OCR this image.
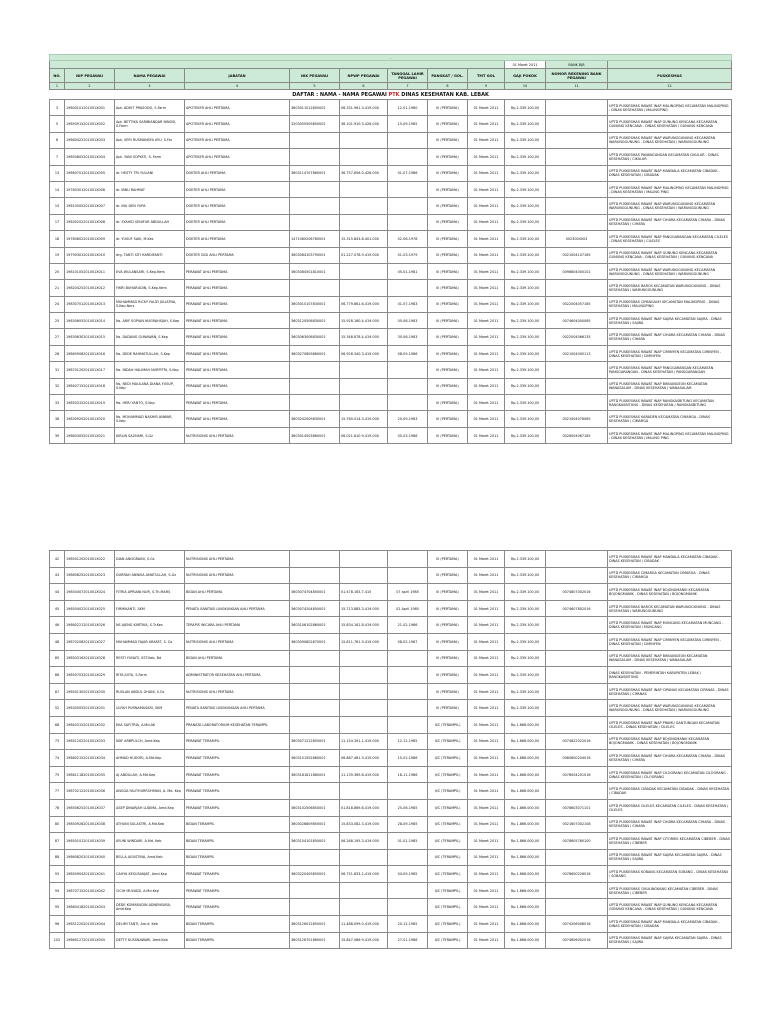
-											
									01 Maret 2011	BANK BJB	
NO.	NIP PEGAWAI	NAMA PEGAWAI	JABATAN	NIK PEGAWAI	NPWP PEGAWAI	TANGGAL LAHIR PEGAWAI	PANGKAT / GOL.	TMT GOL	GAJI POKOK	NOMOR REKENING BANK PEGAWAI	PUSKESMAS
1	2	3	4	5	6	7	8	9	10	11	12
DAFTAR : NAMA - NAMA PEGAWAI PTK DINAS KESEHATAN KAB. LEBAK											
3	19800101201001X001	Apt. ADHIT PRASODO, S.Farm	APOTEKER AHLI PERTAMA	3603011012800002	06.331.961.3-419.000	12-01-1980	III (PERTAMA)	01 Maret 2011	Rp.2.339.100,00		UPTD PUSKESMAS RAWAT INAP MALINGPING KECAMATAN MALINGPING - DINAS KESEHATAN / MALINGPING
5	19850915201001X002	Apt. BETTIKA SARIBIANDAR NINGSI, S.Farm	APOTEKER AHLI PERTAMA	3203055509850002	36.101.910.3-426.000	15-09-1985	III (PERTAMA)	01 Maret 2011	Rp.2.339.100,00		UPTD PUSKESMAS RAWAT INAP GUNUNG KENCANA KECAMATAN GUNUNG KENCANA - DINAS KESEHATAN / GUNUNG KENCANA
6	19860422201001X003	Apt. VERI RUSMANSYA AYU, S.Far	APOTEKER AHLI PERTAMA				III (PERTAMA)	01 Maret 2011	Rp.2.339.100,00		UPTD PUSKESMAS RAWAT INAP WARUNGGUNUNG KECAMATAN WARUNGGUNUNG - DINAS KESEHATAN / WARUNGGUNUNG
7	19850805201001X004	Apt. YANI SOPYATI, S. Farm	APOTEKER AHLI PERTAMA				III (PERTAMA)	01 Maret 2011	Rp.2.339.100,00		UPTD PUSKESMAS PANANCANGAN KECAMATAN CIKULUR - DINAS KESEHATAN / CIKULUR
13	19860701201001X005	dr. HESTY TRI YULIANI	DOKTER AHLI PERTAMA	3603114707860001	36.757.656.0-426.000	01-07-1986	III (PERTAMA)	01 Maret 2011	Rp.2.339.100,00		UPTD PUSKESMAS RAWAT INAP MANDALA KECAMATAN CIBADAK - DINAS KESEHATAN / CIBADAK
14	19780301201001X006	dr. IBNU RAHMAT	DOKTER AHLI PERTAMA				III (PERTAMA)	01 Maret 2011	Rp.2.339.100,00		UPTD PUSKESMAS RAWAT INAP MALINGPING KECAMATAN MALINGPING - DINAS KESEHATAN / MALING PING
15	19810505201001X007	dr. INU DEN YUPA	DOKTER AHLI PERTAMA				III (PERTAMA)	01 Maret 2011	Rp.2.339.100,00		UPTD PUSKESMAS RAWAT INAP WARUNGGUNUNG KECAMATAN WARUNGGUNUNG - DINAS KESEHATAN / WARUNGGUNUNG
17	19830202201001X008	dr. SYAHID SENIFUR ABDULLAH	DOKTER AHLI PERTAMA				III (PERTAMA)	01 Maret 2011	Rp.2.339.100,00		UPTD PUSKESMAS RAWAT INAP CIHARA KECAMATAN CIHARA - DINAS KESEHATAN / CIHARA
18	19780602201001X009	dr. YUSUF SAKI, M.Kes	DOKTER AHLI PERTAMA	1471060206780001	15.315.843.8-401.000	02-06-1978	III (PERTAMA)	01 Maret 2011	Rp.2.339.100,00	0023004003	UPTD PUSKESMAS RAWAT INAP PANGGARANGAN KECAMATAN CILELES - DINAS KESEHATAN / CILELES
19	19790301201001X010	drg. TANTI SITI HARDIYANTI	DOKTER GIGI AHLI PERTAMA	3603084103790001	01.227.078.9-419.000	01-03-1979	III (PERTAMA)	01 Maret 2011	Rp.2.339.100,00	0021004107185	UPTD PUSKESMAS RAWAT INAP GUNUNG KENCANA KECAMATAN GUNUNG KENCANA - DINAS KESEHATAN / GUNUNG KENCANA
20	19810105201001X011	EVA WULANSARI, S.Kep.Ners	PERAWAT AHLI PERTAMA	3603084501810001		05-01-1981	III (PERTAMA)	01 Maret 2011	Rp.2.339.100,00	0098804000101	UPTD PUSKESMAS RAWAT INAP WARUNGGUNUNG KECAMATAN WARUNGGUNUNG - DINAS KESEHATAN / WARUNGGUNUNG
21	19820425201001X012	FIKRI BUHARUDIN, S.Kep.Ners	PERAWAT AHLI PERTAMA				III (PERTAMA)	01 Maret 2011	Rp.2.339.100,00		UPTD PUSKESMAS BAROS KECAMATAN WARUNGGUNUNG - DINAS KESEHATAN / WARUNGGUNUNG
24	19830701201001X013	MUHAMMAD RICKY FAUZI JULIATNA, S.Kep.Ners	PERAWAT AHLI PERTAMA	3603010107830001	06.779.861.6-419.000	01-07-1983	III (PERTAMA)	01 Maret 2011	Rp.2.339.100,00	0022004057185	UPTD PUSKESMAS CIPANGAUH KECAMATAN MALINGPING - DINAS KESEHATAN / MALINGPING
25	19830605201001X014	Ns. ARIF SOPIAN NUGRAHSJAH, S.Kep	PERAWAT AHLI PERTAMA	3603120506830001	15.928.180.4-419.000	05-06-1983	III (PERTAMA)	01 Maret 2011	Rp.2.339.100,00	0074604000085	UPTD PUSKESMAS RAWAT INAP SAJIRA KECAMATAN SAJIRA - DINAS KESEHATAN / SAJIRA
27	19830630201001X015	Ns. DADANG GUNAWAN, S.Kep	PERAWAT AHLI PERTAMA	3603063006830001	15.348.878.4-419.000	30-06-1983	III (PERTAMA)	01 Maret 2011	Rp.2.339.100,00	0022004066135	UPTD PUSKESMAS RAWAT INAP CIHARA KECAMATAN CIHARA - DINAS KESEHATAN / CIHARA
28	19860908201001X016	Ns. DEDE RAHMATULLAH, S.Kep	PERAWAT AHLI PERTAMA	3603270809860001	06.928.340.3-419.000	08-09-1986	III (PERTAMA)	01 Maret 2011	Rp.2.339.100,00	0021004000113	UPTD PUSKESMAS RAWAT INAP CIMINYEN KECAMATAN CIMINYEN - DINAS KESEHATAN / CIMINYEN
31	19870120201001X017	Ns. INDAH HALIMAH NURPITRI, S.Kep	PERAWAT AHLI PERTAMA				III (PERTAMA)	01 Maret 2011	Rp.2.339.100,00		UPTD PUSKESMAS RAWAT INAP PANGGARANGAN KECAMATAN PANGGARANGAN - DINAS KESEHATAN / PANGGARANGAN
32	19840715201001X018	Ns. NEDI MAULANA DIANA YUSUP, S.Kep	PERAWAT AHLI PERTAMA				III (PERTAMA)	01 Maret 2011	Rp.2.339.100,00		UPTD PUSKESMAS RAWAT INAP BINUANGEUN KECAMATAN WANASALAM - DINAS KESEHATAN / WANASALAM
33	19850315201001X019	Ns. HERI YANTO, S.Kep	PERAWAT AHLI PERTAMA				III (PERTAMA)	01 Maret 2011	Rp.2.339.100,00		UPTD PUSKESMAS RAWAT INAP RANGKASBITUNG KECAMATAN RANGKASBITUNG - DINAS KESEHATAN / RANGKASBITUNG
38	19830920201001X020	Ns. MOHAMMAD NASHIR ANWAR, S.Kep	PERAWAT AHLI PERTAMA	3603202009830001	15.760.014.3-419.000	20-09-1983	III (PERTAMA)	01 Maret 2011	Rp.2.339.100,00	0021004076085	UPTD PUSKESMAS KARADEN KECAMATAN CIMARGA - DINAS KESEHATAN / CIMARGA
39	19860305201001X021	KIRLIN SAZHARI, S.Gz	NUTRISIONIS AHLI PERTAMA	3603014503860001	06.021.810.9-419.000	05-03-1986	III (PERTAMA)	01 Maret 2011	Rp.2.339.100,00	0028004067185	UPTD PUSKESMAS RAWAT INAP MALINGPING KECAMATAN MALINGPING - DINAS KESEHATAN / MALING PING
42	19850120201001X022	DIAN ANGGRAINI, S.Gz	NUTRISIONIS AHLI PERTAMA				III (PERTAMA)	01 Maret 2011	Rp.2.339.100,00		UPTD PUSKESMAS RAWAT INAP MANDALA KECAMATAN CIBADAK - DINAS KESEHATAN / CIBADAK
43	19860825201001X023	DURRAH ANNISA AMATULLAH, S.Gz	NUTRISIONIS AHLI PERTAMA				III (PERTAMA)	01 Maret 2011	Rp.2.339.100,00		UPTD PUSKESMAS CIMARGA KECAMATAN CIMARGA - DINAS KESEHATAN / CIMARGA
44	19850407201001X024	FITRIA APRIANI NUR, S.Th.MARS	BIDAN AHLI PERTAMA	3603074704850001	01.478.163.7-415	07 april 1985	III (PERTAMA)	01 Maret 2011	Rp.2.339.100,00	0074807002016	UPTD PUSKESMAS RAWAT INAP BOJONGMANIK KECAMATAN BOJONGMANIK - DINAS KESEHATAN / BOJONGMANIK
45	19850402201001X025	FIRMIKANTI, SKM	PENATA SANITASI LINGKUNGAN AHLI PERTAMA	3603074204850001	15.713.885.3-419.000	02 April 1985	III (PERTAMA)	01 Maret 2011	Rp.2.339.100,00	0074607802016	UPTD PUSKESMAS BAROS KECAMATAN WARUNGGUNUNG - DINAS KESEHATAN / WARUNGGUNUNG
46	19860221201001X026	NS AJENG KARTIKA, S.Tr.Kes	TERAPIS WICARA AHLI PERTAMA	3603106102860001	15.834.161.8-419.000	21-02-1986	III (PERTAMA)	01 Maret 2011	Rp.2.339.100,00		UPTD PUSKESMAS RAWAT INAP MUNCANG KECAMATAN MUNCANG - DINAS KESEHATAN / MUNCANG
48	19870208201001X027	MUHAMMAD FAJAR ARAFAT, S. Gz	NUTRISIONIS AHLI PERTAMA	3603090802870001	15.811.761.3-419.000	08-02-1987	III (PERTAMA)	01 Maret 2011	Rp.2.339.100,00		UPTD PUSKESMAS RAWAT INAP CIMINYEN KECAMATAN CIMINYEN - DINAS KESEHATAN / CIMINYEN
85	19850316201001X028	RESTI YUNATI, SST.Keb, Bd	BIDAN AHLI PERTAMA				III (PERTAMA)	01 Maret 2011	Rp.2.339.100,00		UPTD PUSKESMAS RAWAT INAP BINUANGEUN KECAMATAN WANASALAM - DINAS KESEHATAN / WANASALAM
86	19850703201001X029	RITA JUITA, S.Farm	ADMINISTRATOR KESEHATAN AHLI PERTAMA				III (PERTAMA)	01 Maret 2011	Rp.2.339.100,00		DINAS KESEHATAN - PEMERINTAH KABUPATEN LEBAK / RANGKASBITUNG
87	19850130201001X030	RUSLAN ABDUL GHANI, S.Gz	NUTRISIONIS AHLI PERTAMA				III (PERTAMA)	01 Maret 2011	Rp.2.339.100,00		UPTD PUSKESMAS RAWAT INAP CIPANAS KECAMATAN CIPANAS - DINAS KESEHATAN / CIPANAS
52	19830505201001X031	ULFAH PURNAMASARI, SKM	PENATA SANITASI LINGKUNGAN AHLI PERTAMA				III (PERTAMA)	01 Maret 2011	Rp.2.339.100,00		UPTD PUSKESMAS RAWAT INAP WARUNGGUNUNG KECAMATAN WARUNGGUNUNG - DINAS KESEHATAN / WARUNGGUNUNG
68	19840315201001X032	EKA SAFITRIA, A.Md.AK	PRANATA LABORATORIUM KESEHATAN TERAMPIL				II/C (TERAMPIL)	01 Maret 2011	Rp.1.866.000,00		UPTD PUSKESMAS RAWAT INAP PRAMU GANTUNGAN KECAMATAN CILELES - DINAS KESEHATAN / CILELES
73	19851202201001X033	NDF ARBPULCH, Amd.Kep	PERAWAT TERAMPIL	3603071212850001	11.154.391.1-419.000	12-12-1985	II/C (TERAMPIL)	01 Maret 2011	Rp.1.866.000,00	0074822022016	UPTD PUSKESMAS RAWAT INAP BOJONGMANIK KECAMATAN BOJONGMANIK - DINAS KESEHATAN / BOJONGMANIK
74	19860215201001X034	AHMAD HUDORI, A.Md.Kep	PERAWAT TERAMPIL	3603151502860001	06.887.481.3-419.000	15-02-1986	II/C (TERAMPIL)	01 Maret 2011	Rp.1.866.000,00	0080800204016	UPTD PUSKESMAS RAWAT INAP CIHARA KECAMATAN CIHARA - DINAS KESEHATAN / CIHARA
75	19861118201001X035	AJ ABDILLAH, A.Md.Kep	PERAWAT TERAMPIL	3603181811860001	11.139.369.8-419.000	18-11-1986	II/C (TERAMPIL)	01 Maret 2011	Rp.1.866.000,00	0078004201016	UPTD PUSKESMAS RAWAT INAP CILOGRANG KECAMATAN CILOGRANG - DINAS KESEHATAN / CILOGRANG
77	19870212201001X036	ANGGA FAUTHURROHMAN, A. Md. Kep	PERAWAT TERAMPIL				II/C (TERAMPIL)	01 Maret 2011	Rp.1.866.000,00		UPTD PUSKESMAS CIBADAK KECAMATAN CIBADAK - DINAS KESEHATAN / CIBADAK
78	19850625201001X037	ASEP DINARJAH LUDIMA, Amd.Kep	PERAWAT TERAMPIL	3603102506850001	01.818.869.8-419.000	25-06-1985	II/C (TERAMPIL)	01 Maret 2011	Rp.1.866.000,00	0078603071101	UPTD PUSKESMAS CILELES KECAMATAN CILELES - DINAS KESEHATAN / CILELES
80	19850928201001X038	ATHUNI SULASTRI, A.Md.Keb	BIDAN TERAMPIL	3603026809850001	15.833.082.3-419.000	28-09-1985	II/C (TERAMPIL)	01 Maret 2011	Rp.1.866.000,00	0021607002108	UPTD PUSKESMAS RAWAT INAP CIHARA KECAMATAN CIHARA - DINAS KESEHATAN / CIHARA
87	19850101201001X039	AYUNI WINDARI, A.Md. Keb	BIDAN TERAMPIL	3603154101850001	06.268.195.3-419.000	01-01-1985	II/C (TERAMPIL)	01 Maret 2011	Rp.1.866.000,00	0078605760100	UPTD PUSKESMAS RAWAT INAP CITORIEK KECAMATAN CIBEBER - DINAS KESEHATAN / CIBEBER
88	19860820201001X040	BELLA AGUSTINA, Amd.Keb	BIDAN TERAMPIL				II/C (TERAMPIL)	01 Maret 2011	Rp.1.866.000,00		UPTD PUSKESMAS RAWAT INAP SAJIRA KECAMATAN SAJIRA - DINAS KESEHATAN / SAJIRA
93	19850904201001X041	CAHYA KESUSANJAT, Amd.Kep	PERAWAT TERAMPIL	3603220409850001	06.751.833.2-419.000	04-09-1985	II/C (TERAMPIL)	01 Maret 2011	Rp.1.866.000,00	0078600226016	UPTD PUSKESMAS KOBANG KECAMATAN SOBANG - DINAS KESEHATAN / SOBANG
94	19870715201001X042	CICIH MULYADI, A.Md.Kep	PERAWAT TERAMPIL				II/C (TERAMPIL)	01 Maret 2011	Rp.1.866.000,00		UPTD PUSKESMAS CIKULINGKANG KECAMATAN CIBEBER - DINAS KESEHATAN / CIBEBER
95	19860418201001X043	DEDE KOMARUDIN ADNENSURA, Amd.Kep	PERAWAT TERAMPIL				II/C (TERAMPIL)	01 Maret 2011	Rp.1.866.000,00		UPTD PUSKESMAS RAWAT INAP GUNUNG KENCANA KECAMATAN GUNUNG KENCANA - DINAS KESEHATAN / GUNUNG KENCANA
96	19851220201001X044	DELIMI TANTI, Am.d. Keb	BIDAN TERAMPIL	3603126012850001	11.488.099.0-419.000	20-12-1985	II/C (TERAMPIL)	01 Maret 2011	Rp.1.866.000,00	0074206006016	UPTD PUSKESMAS RAWAT INAP MANDALA KECAMATAN CIBADAK - DINAS KESEHATAN / CIBADAK
102	19860127201001X045	DETTY KUSSNAWARI, Amd.Keb	BIDAN TERAMPIL	3603126701860001	15.847.086.9-419.000	27-01-1986	II/C (TERAMPIL)	01 Maret 2011	Rp.1.866.000,00	0074606002016	UPTD PUSKESMAS RAWAT INAP SAJIRA KECAMATAN SAJIRA - DINAS KESEHATAN / SAJIRA
